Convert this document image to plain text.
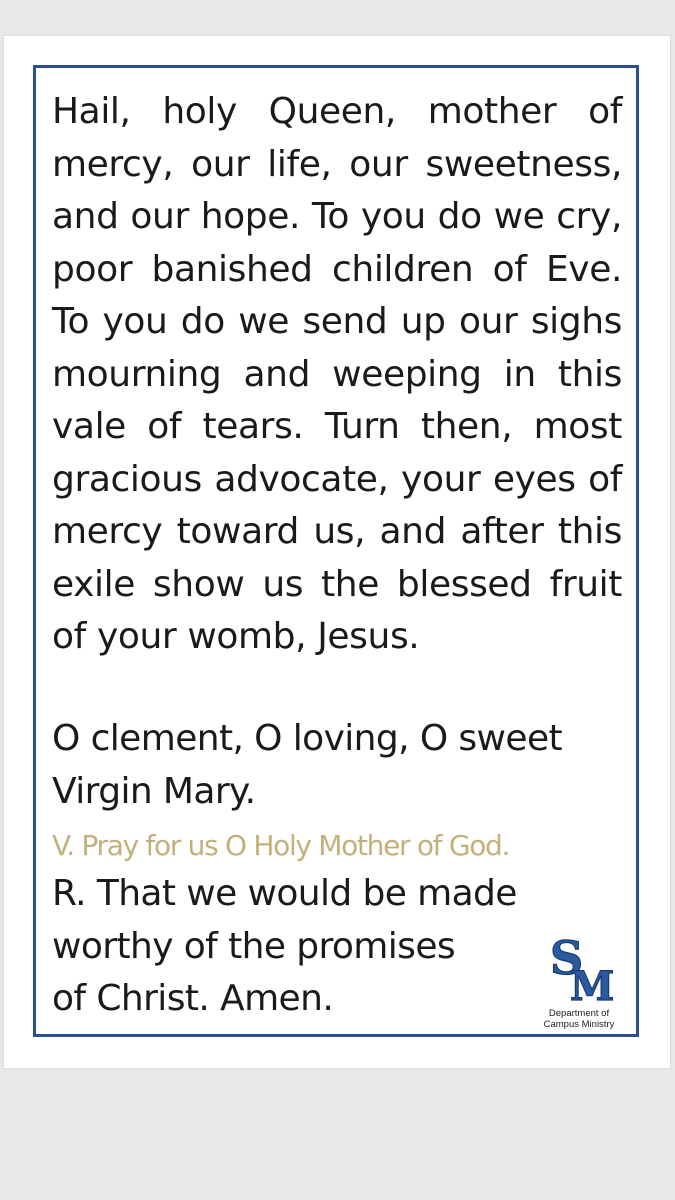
Hail, holy Queen, mother of mercy, our life, our sweetness, and our hope. To you do we cry, poor banished children of Eve. To you do we send up our sighs mourning and weeping in this vale of tears. Turn then, most gracious advocate, your eyes of mercy toward us, and after this exile show us the blessed fruit of your womb, Jesus.

O clement, O loving, O sweet
Virgin Mary.

V. Pray for us O Holy Mother of God.

R. That we would be made
worthy of the promises
of Christ. Amen.

S
M
Department of
Campus Ministry
